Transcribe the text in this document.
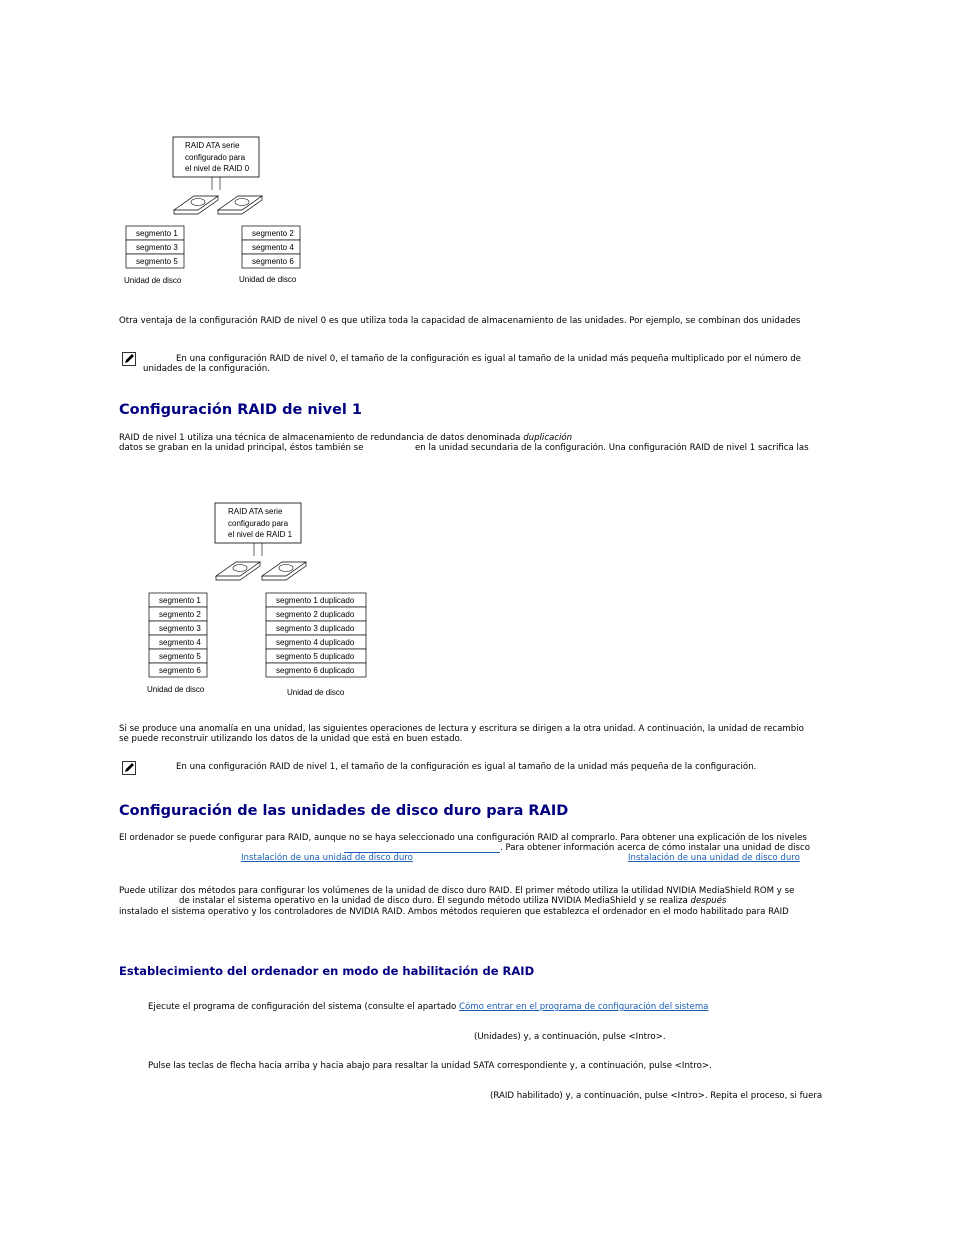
RAID ATA serie
configurado para
el nivel de RAID 0
segmento 1
segmento 3
segmento 5
segmento 2
segmento 4
segmento 6
Unidad de disco	Unidad de disco
Otra ventaja de la configuración RAID de nivel 0 es que utiliza toda la capacidad de almacenamiento de las unidades. Por ejemplo, se combinan dos unidades
En una configuración RAID de nivel 0, el tamaño de la configuración es igual al tamaño de la unidad más pequeña multiplicado por el número de
unidades de la configuración.
Configuración RAID de nivel 1
RAID de nivel 1 utiliza una técnica de almacenamiento de redundancia de datos denominada duplicación
datos se graban en la unidad principal, éstos también se	en la unidad secundaria de la configuración. Una configuración RAID de nivel 1 sacrifica las
RAID ATA serie
configurado para
el nivel de RAID 1
segmento 1
segmento 2
segmento 3
segmento 4
segmento 5
segmento 6
segmento 1 duplicado
segmento 2 duplicado
segmento 3 duplicado
segmento 4 duplicado
segmento 5 duplicado
segmento 6 duplicado
Unidad de disco	Unidad de disco
Si se produce una anomalía en una unidad, las siguientes operaciones de lectura y escritura se dirigen a la otra unidad. A continuación, la unidad de recambio
se puede reconstruir utilizando los datos de la unidad que está en buen estado.
En una configuración RAID de nivel 1, el tamaño de la configuración es igual al tamaño de la unidad más pequeña de la configuración.
Configuración de las unidades de disco duro para RAID
El ordenador se puede configurar para RAID, aunque no se haya seleccionado una configuración RAID al comprarlo. Para obtener una explicación de los niveles
. Para obtener información acerca de cómo instalar una unidad de disco
Instalación de una unidad de disco duro	Instalación de una unidad de disco duro
Puede utilizar dos métodos para configurar los volúmenes de la unidad de disco duro RAID. El primer método utiliza la utilidad NVIDIA MediaShield ROM y se
de instalar el sistema operativo en la unidad de disco duro. El segundo método utiliza NVIDIA MediaShield y se realiza después
instalado el sistema operativo y los controladores de NVIDIA RAID. Ambos métodos requieren que establezca el ordenador en el modo habilitado para RAID
Establecimiento del ordenador en modo de habilitación de RAID
Ejecute el programa de configuración del sistema (consulte el apartado Cómo entrar en el programa de configuración del sistema
(Unidades) y, a continuación, pulse <Intro>.
Pulse las teclas de flecha hacia arriba y hacia abajo para resaltar la unidad SATA correspondiente y, a continuación, pulse <Intro>.
(RAID habilitado) y, a continuación, pulse <Intro>. Repita el proceso, si fuera
